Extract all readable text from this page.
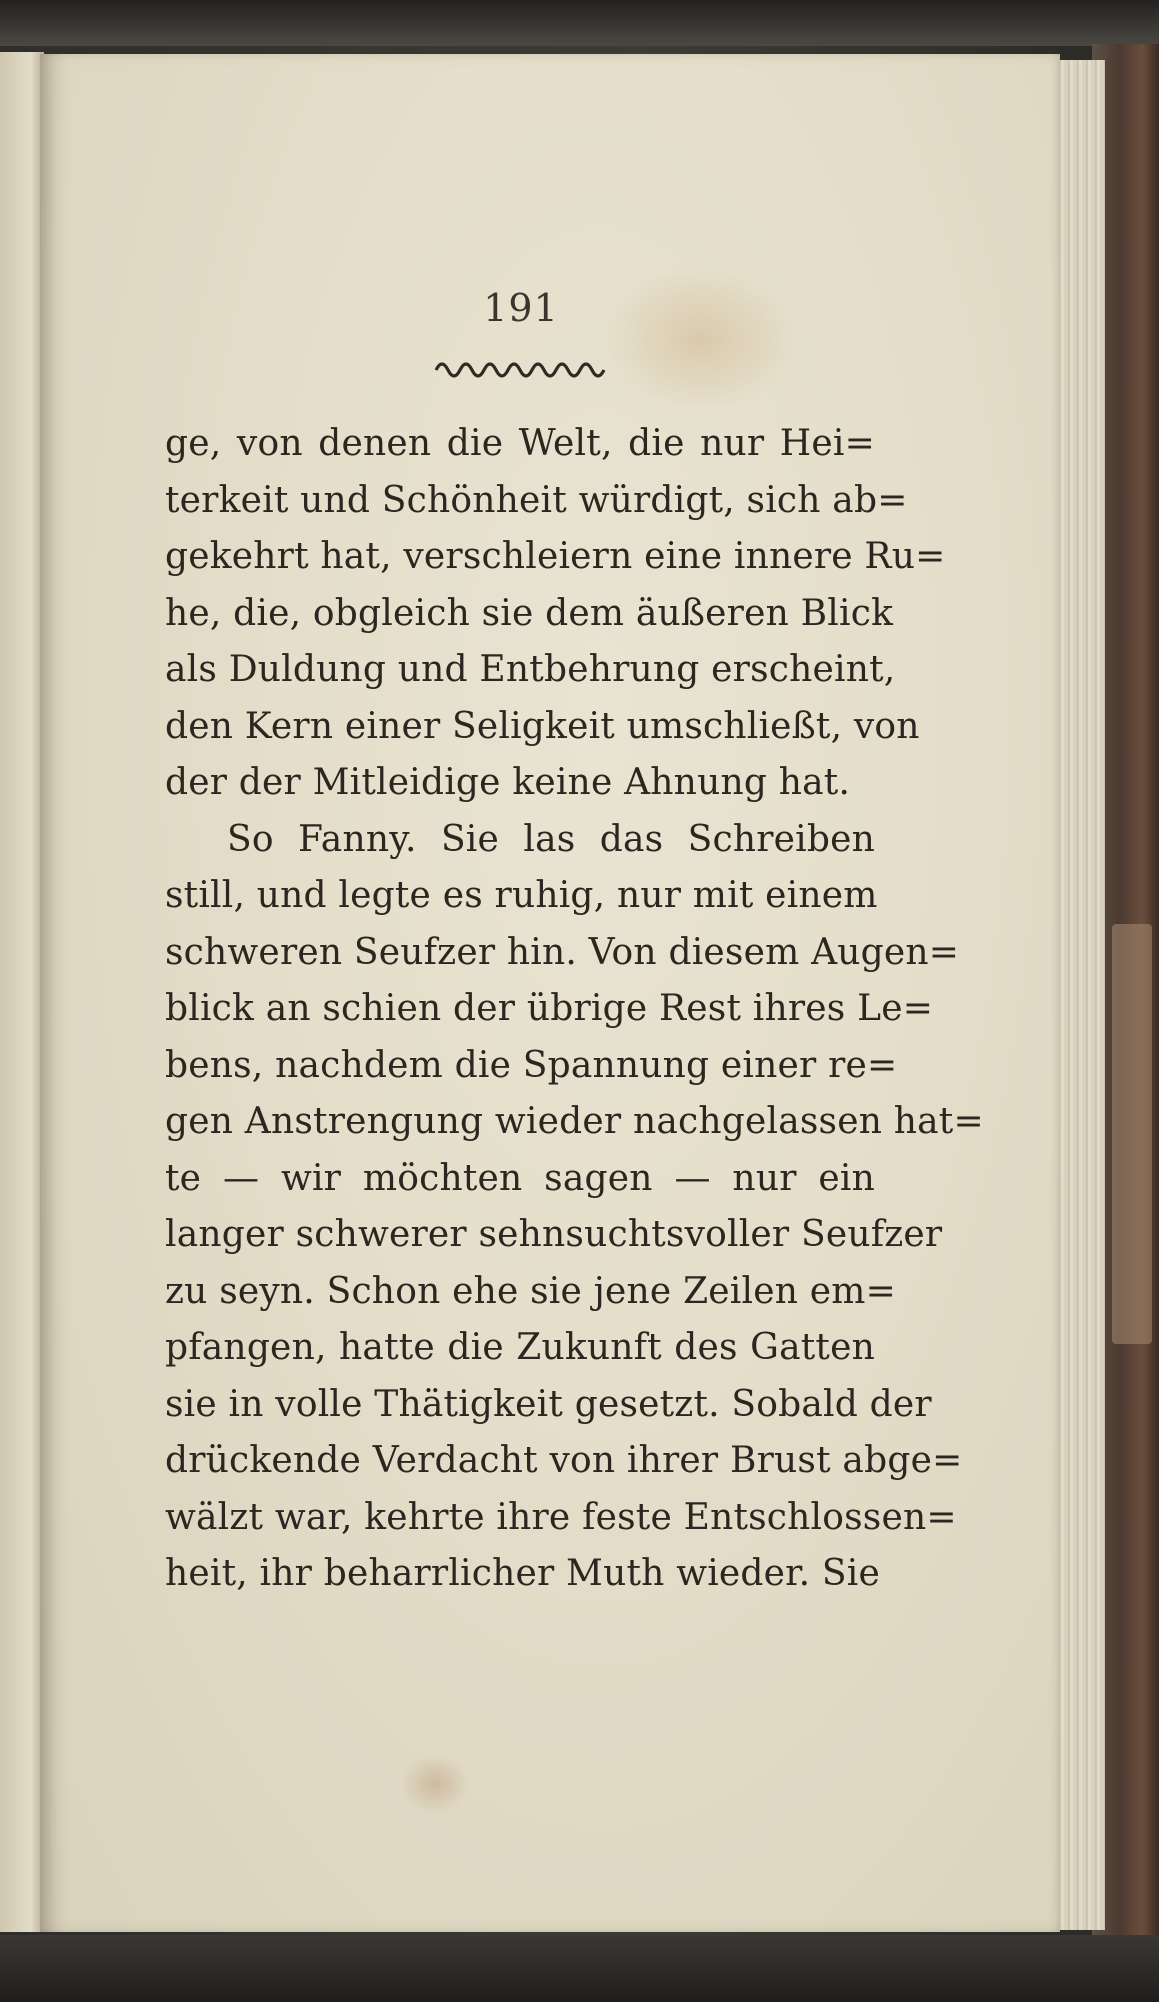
191
ge, von denen die Welt, die nur Hei=
terkeit und Schönheit würdigt, sich ab=
gekehrt hat, verschleiern eine innere Ru=
he, die, obgleich sie dem äußeren Blick
als Duldung und Entbehrung erscheint,
den Kern einer Seligkeit umschließt, von
der der Mitleidige keine Ahnung hat.
So Fanny. Sie las das Schreiben
still, und legte es ruhig, nur mit einem
schweren Seufzer hin. Von diesem Augen=
blick an schien der übrige Rest ihres Le=
bens, nachdem die Spannung einer re=
gen Anstrengung wieder nachgelassen hat=
te — wir möchten sagen — nur ein
langer schwerer sehnsuchtsvoller Seufzer
zu seyn. Schon ehe sie jene Zeilen em=
pfangen, hatte die Zukunft des Gatten
sie in volle Thätigkeit gesetzt. Sobald der
drückende Verdacht von ihrer Brust abge=
wälzt war, kehrte ihre feste Entschlossen=
heit, ihr beharrlicher Muth wieder. Sie
